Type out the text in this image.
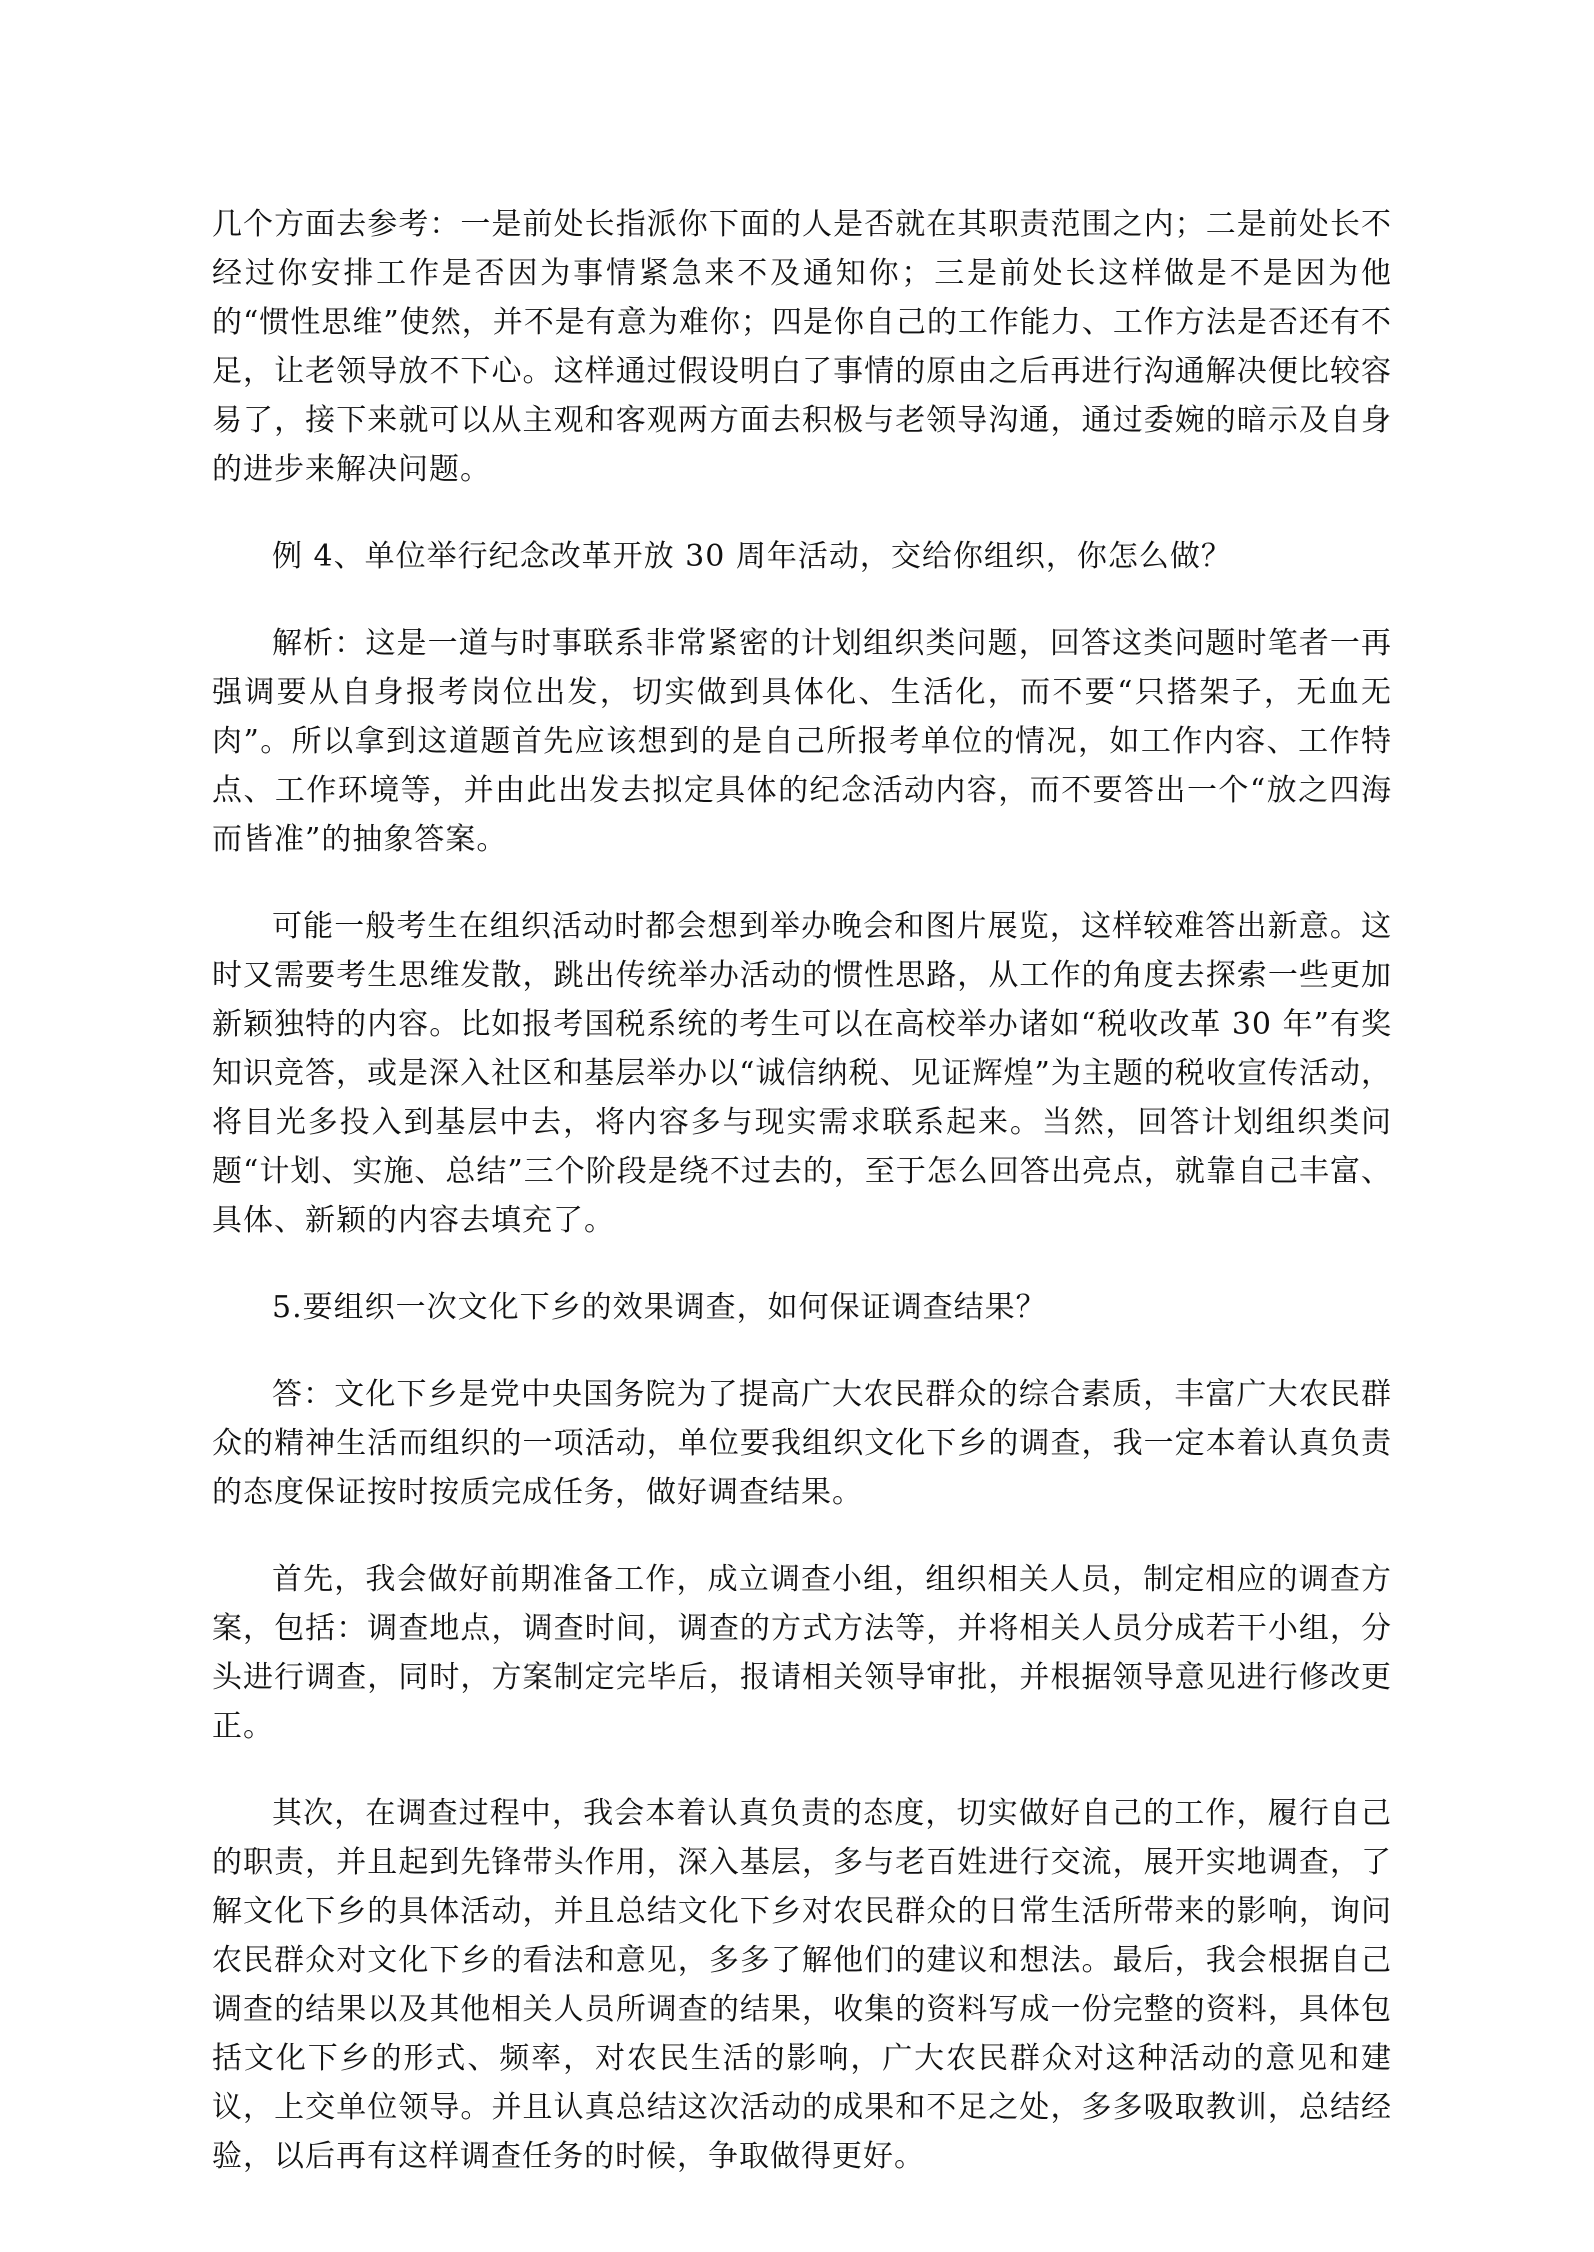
几个方面去参考：一是前处长指派你下面的人是否就在其职责范围之内；二是前处长不经过你安排工作是否因为事情紧急来不及通知你；三是前处长这样做是不是因为他的“惯性思维”使然，并不是有意为难你；四是你自己的工作能力、工作方法是否还有不足，让老领导放不下心。这样通过假设明白了事情的原由之后再进行沟通解决便比较容易了，接下来就可以从主观和客观两方面去积极与老领导沟通，通过委婉的暗示及自身的进步来解决问题。

例 4、单位举行纪念改革开放 30 周年活动，交给你组织，你怎么做？

解析：这是一道与时事联系非常紧密的计划组织类问题，回答这类问题时笔者一再强调要从自身报考岗位出发，切实做到具体化、生活化，而不要“只搭架子，无血无肉”。所以拿到这道题首先应该想到的是自己所报考单位的情况，如工作内容、工作特点、工作环境等，并由此出发去拟定具体的纪念活动内容，而不要答出一个“放之四海而皆准”的抽象答案。

可能一般考生在组织活动时都会想到举办晚会和图片展览，这样较难答出新意。这时又需要考生思维发散，跳出传统举办活动的惯性思路，从工作的角度去探索一些更加新颖独特的内容。比如报考国税系统的考生可以在高校举办诸如“税收改革 30 年”有奖知识竞答，或是深入社区和基层举办以“诚信纳税、见证辉煌”为主题的税收宣传活动，将目光多投入到基层中去，将内容多与现实需求联系起来。当然，回答计划组织类问题“计划、实施、总结”三个阶段是绕不过去的，至于怎么回答出亮点，就靠自己丰富、具体、新颖的内容去填充了。

5.要组织一次文化下乡的效果调查，如何保证调查结果？

答：文化下乡是党中央国务院为了提高广大农民群众的综合素质，丰富广大农民群众的精神生活而组织的一项活动，单位要我组织文化下乡的调查，我一定本着认真负责的态度保证按时按质完成任务，做好调查结果。

首先，我会做好前期准备工作，成立调查小组，组织相关人员，制定相应的调查方案，包括：调查地点，调查时间，调查的方式方法等，并将相关人员分成若干小组，分头进行调查，同时，方案制定完毕后，报请相关领导审批，并根据领导意见进行修改更正。

其次，在调查过程中，我会本着认真负责的态度，切实做好自己的工作，履行自己的职责，并且起到先锋带头作用，深入基层，多与老百姓进行交流，展开实地调查，了解文化下乡的具体活动，并且总结文化下乡对农民群众的日常生活所带来的影响，询问农民群众对文化下乡的看法和意见，多多了解他们的建议和想法。最后，我会根据自己调查的结果以及其他相关人员所调查的结果，收集的资料写成一份完整的资料，具体包括文化下乡的形式、频率，对农民生活的影响，广大农民群众对这种活动的意见和建议，上交单位领导。并且认真总结这次活动的成果和不足之处，多多吸取教训，总结经验，以后再有这样调查任务的时候，争取做得更好。
